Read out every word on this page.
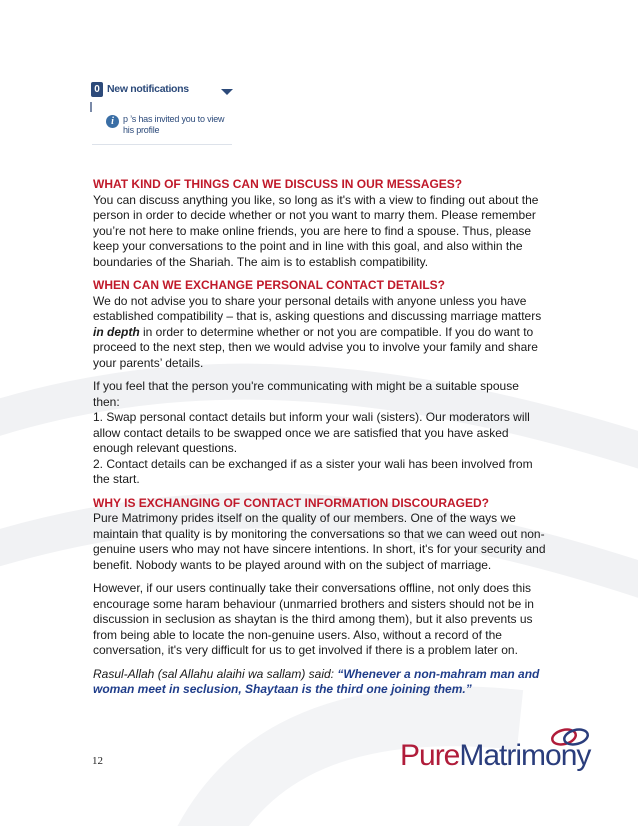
0 New notifications
i	p ’s has invited you to view his profile
WHAT KIND OF THINGS CAN WE DISCUSS IN OUR MESSAGES?

You can discuss anything you like, so long as it's with a view to finding out about the person in order to decide whether or not you want to marry them. Please remember you’re not here to make online friends, you are here to find a spouse. Thus, please keep your conversations to the point and in line with this goal, and also within the boundaries of the Shariah. The aim is to establish compatibility.

WHEN CAN WE EXCHANGE PERSONAL CONTACT DETAILS?

We do not advise you to share your personal details with anyone unless you have established compatibility – that is, asking questions and discussing marriage matters in depth in order to determine whether or not you are compatible. If you do want to proceed to the next step, then we would advise you to involve your family and share your parents’ details.

If you feel that the person you're communicating with might be a suitable spouse then:
1. Swap personal contact details but inform your wali (sisters). Our moderators will allow contact details to be swapped once we are satisfied that you have asked enough relevant questions.
2. Contact details can be exchanged if as a sister your wali has been involved from the start.

WHY IS EXCHANGING OF CONTACT INFORMATION DISCOURAGED?

Pure Matrimony prides itself on the quality of our members. One of the ways we maintain that quality is by monitoring the conversations so that we can weed out non-genuine users who may not have sincere intentions. In short, it's for your security and benefit. Nobody wants to be played around with on the subject of marriage.

However, if our users continually take their conversations offline, not only does this encourage some haram behaviour (unmarried brothers and sisters should not be in discussion in seclusion as shaytan is the third among them), but it also prevents us from being able to locate the non-genuine users. Also, without a record of the conversation, it's very difficult for us to get involved if there is a problem later on.

Rasul-Allah (sal Allahu alaihi wa sallam) said: “Whenever a non-mahram man and woman meet in seclusion, Shaytaan is the third one joining them.”

12	PureMatrimony
